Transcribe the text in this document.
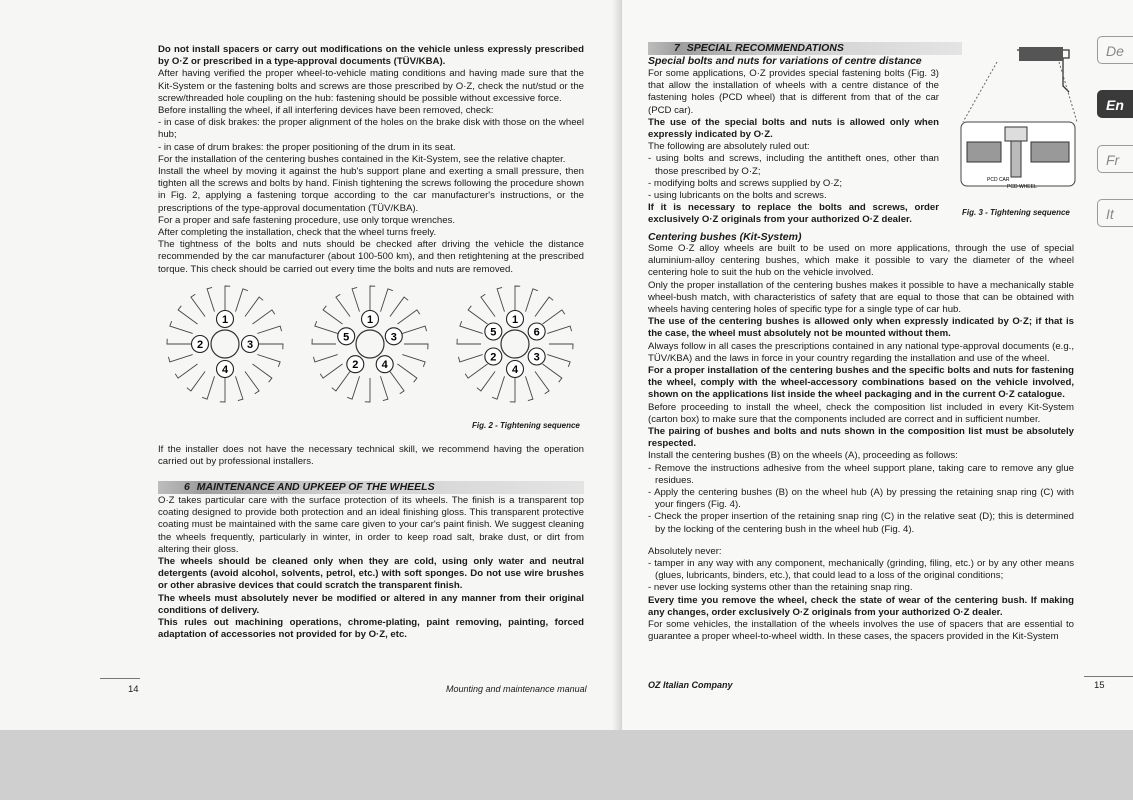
Do not install spacers or carry out modifications on the vehicle unless expressly prescribed by O·Z or prescribed in a type-approval documents (TÜV/KBA).

After having verified the proper wheel-to-vehicle mating conditions and having made sure that the Kit-System or the fastening bolts and screws are those prescribed by O·Z, check the nut/stud or the screw/threaded hole coupling on the hub: fastening should be possible without excessive force.

Before installing the wheel, if all interfering devices have been removed, check:

- in case of disk brakes: the proper alignment of the holes on the brake disk with those on the wheel hub;

- in case of drum brakes: the proper positioning of the drum in its seat.

For the installation of the centering bushes contained in the Kit-System, see the relative chapter.

Install the wheel by moving it against the hub's support plane and exerting a small pressure, then tighten all the screws and bolts by hand. Finish tightening the screws following the procedure shown in Fig. 2, applying a fastening torque according to the car manufacturer's instructions, or the prescriptions of the type-approval documentation (TÜV/KBA).

For a proper and safe fastening procedure, use only torque wrenches.

After completing the installation, check that the wheel turns freely.

The tightness of the bolts and nuts should be checked after driving the vehicle the distance recommended by the car manufacturer (about 100-500 km), and then retightening at the prescribed torque. This check should be carried out every time the bolts and nuts are removed.

1
3
4
2
1
3
4
2
5
1
6
3
4
2
5
Fig. 2 - Tightening sequence
If the installer does not have the necessary technical skill, we recommend having the operation carried out by professional installers.
6 MAINTENANCE AND UPKEEP OF THE WHEELS

O·Z takes particular care with the surface protection of its wheels. The finish is a transparent top coating designed to provide both protection and an ideal finishing gloss. This transparent protective coating must be maintained with the same care given to your car's paint finish. We suggest cleaning the wheels frequently, particularly in winter, in order to keep road salt, brake dust, or dirt from altering their gloss.

The wheels should be cleaned only when they are cold, using only water and neutral detergents (avoid alcohol, solvents, petrol, etc.) with soft sponges. Do not use wire brushes or other abrasive devices that could scratch the transparent finish.

The wheels must absolutely never be modified or altered in any manner from their original conditions of delivery.

This rules out machining operations, chrome-plating, paint removing, painting, forced adaptation of accessories not provided for by O·Z, etc.

14	Mounting and maintenance manual
7 SPECIAL RECOMMENDATIONS
Special bolts and nuts for variations of centre distance

For some applications, O·Z provides special fastening bolts (Fig. 3) that allow the installation of wheels with a centre distance of the fastening holes (PCD wheel) that is different from that of the car (PCD car).

The use of the special bolts and nuts is allowed only when expressly indicated by O·Z.

The following are absolutely ruled out:

- using bolts and screws, including the antitheft ones, other than those prescribed by O·Z;

- modifying bolts and screws supplied by O·Z;

- using lubricants on the bolts and screws.

If it is necessary to replace the bolts and screws, order exclusively O·Z originals from your authorized O·Z dealer.

PCD CAR
PCD WHEEL
Fig. 3 - Tightening sequence
Centering bushes (Kit-System)

Some O·Z alloy wheels are built to be used on more applications, through the use of special aluminium-alloy centering bushes, which make it possible to vary the diameter of the wheel centering hole to suit the hub on the vehicle involved.

Only the proper installation of the centering bushes makes it possible to have a mechanically stable wheel-bush match, with characteristics of safety that are equal to those that can be obtained with wheels having centering holes of specific type for a single type of car hub.

The use of the centering bushes is allowed only when expressly indicated by O·Z; if that is the case, the wheel must absolutely not be mounted without them.

Always follow in all cases the prescriptions contained in any national type-approval documents (e.g., TÜV/KBA) and the laws in force in your country regarding the installation and use of the wheel.

For a proper installation of the centering bushes and the specific bolts and nuts for fastening the wheel, comply with the wheel-accessory combinations based on the vehicle involved, shown on the applications list inside the wheel packaging and in the current O·Z catalogue.

Before proceeding to install the wheel, check the composition list included in every Kit-System (carton box) to make sure that the components included are correct and in sufficient number.

The pairing of bushes and bolts and nuts shown in the composition list must be absolutely respected.

Install the centering bushes (B) on the wheels (A), proceeding as follows:

- Remove the instructions adhesive from the wheel support plane, taking care to remove any glue residues.

- Apply the centering bushes (B) on the wheel hub (A) by pressing the retaining snap ring (C) with your fingers (Fig. 4).

- Check the proper insertion of the retaining snap ring (C) in the relative seat (D); this is determined by the locking of the centering bush in the wheel hub (Fig. 4).

Absolutely never:

- tamper in any way with any component, mechanically (grinding, filing, etc.) or by any other means (glues, lubricants, binders, etc.), that could lead to a loss of the original conditions;

- never use locking systems other than the retaining snap ring.

Every time you remove the wheel, check the state of wear of the centering bush. If making any changes, order exclusively O·Z originals from your authorized O·Z dealer.

For some vehicles, the installation of the wheels involves the use of spacers that are essential to guarantee a proper wheel-to-wheel width. In these cases, the spacers provided in the Kit-System

OZ Italian Company	15
De
En
Fr
It
